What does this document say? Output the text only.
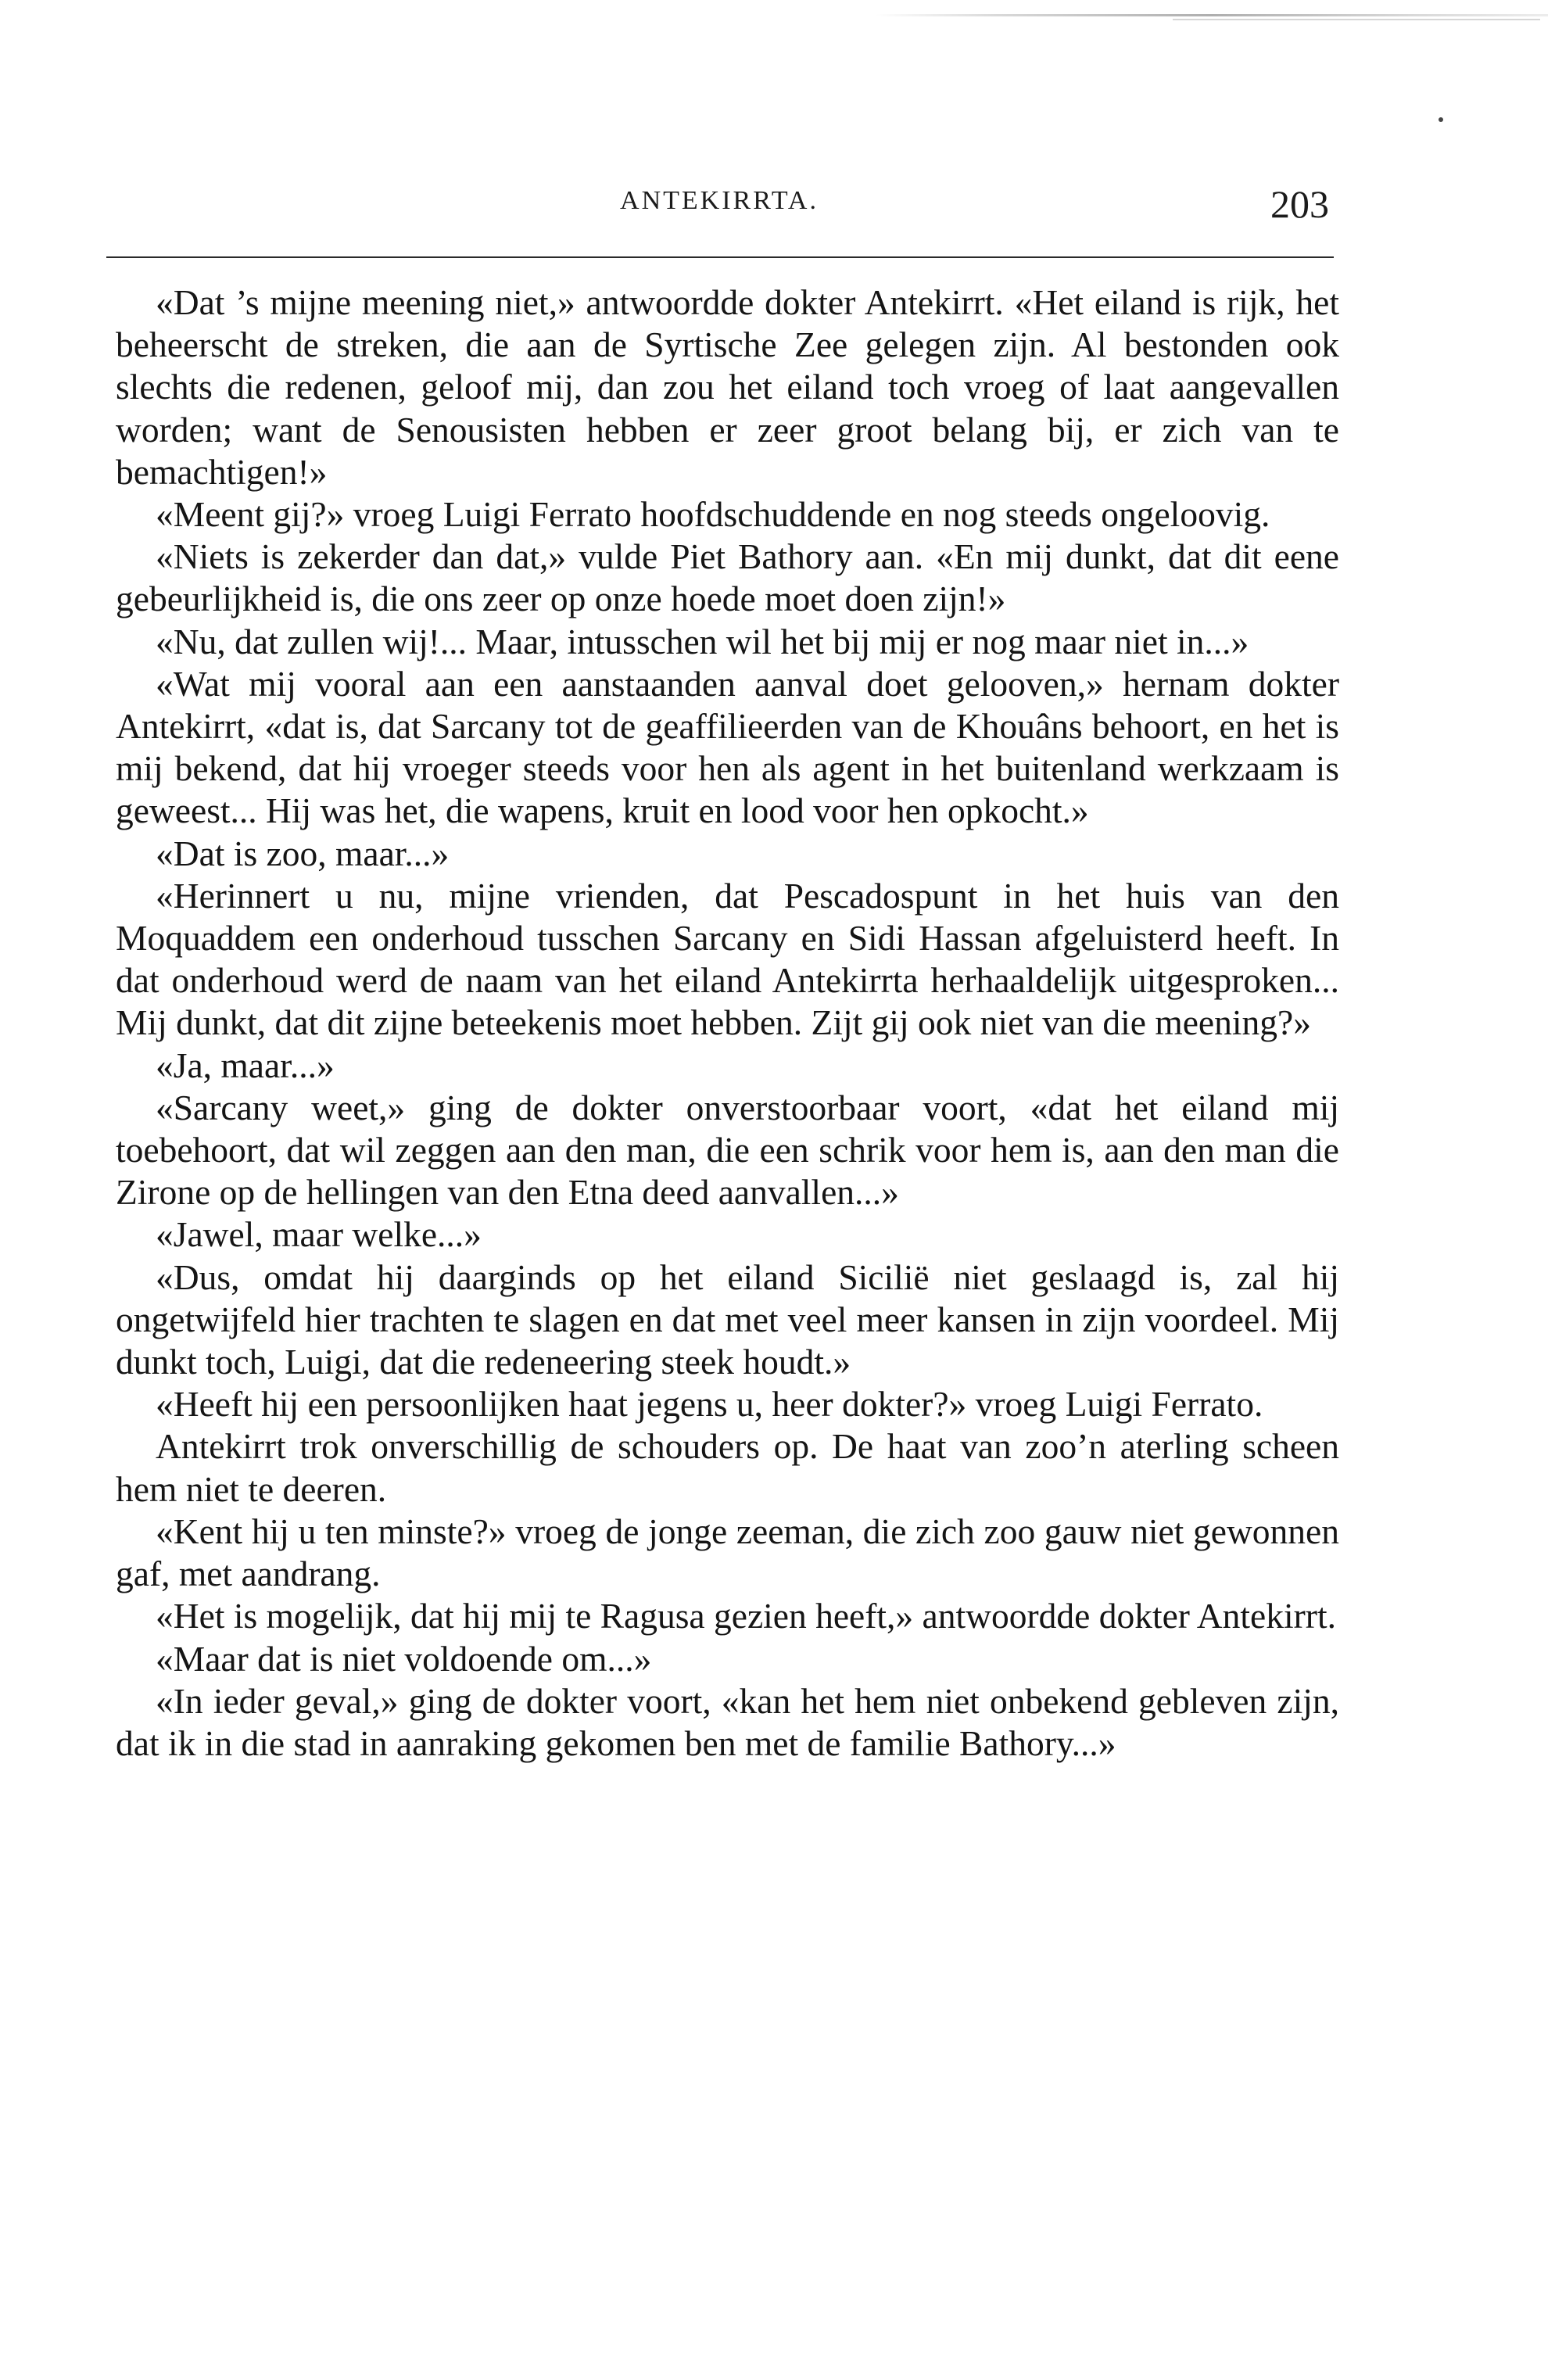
ANTEKIRRTA.	203

«Dat ’s mijne meening niet,» antwoordde dokter Antekirrt. «Het eiland is rijk, het beheerscht de streken, die aan de Syrtische Zee gelegen zijn. Al bestonden ook slechts die redenen, geloof mij, dan zou het eiland toch vroeg of laat aangevallen worden; want de Senousisten hebben er zeer groot belang bij, er zich van te bemachtigen!»

«Meent gij?» vroeg Luigi Ferrato hoofdschuddende en nog steeds ongeloovig.

«Niets is zekerder dan dat,» vulde Piet Bathory aan. «En mij dunkt, dat dit eene gebeurlijkheid is, die ons zeer op onze hoede moet doen zijn!»

«Nu, dat zullen wij!... Maar, intusschen wil het bij mij er nog maar niet in...»

«Wat mij vooral aan een aanstaanden aanval doet gelooven,» hernam dokter Antekirrt, «dat is, dat Sarcany tot de geaffilieerden van de Khouâns behoort, en het is mij bekend, dat hij vroeger steeds voor hen als agent in het buitenland werkzaam is geweest... Hij was het, die wapens, kruit en lood voor hen opkocht.»

«Dat is zoo, maar...»

«Herinnert u nu, mijne vrienden, dat Pescadospunt in het huis van den Moquaddem een onderhoud tusschen Sarcany en Sidi Hassan afgeluisterd heeft. In dat onderhoud werd de naam van het eiland Antekirrta herhaaldelijk uitgesproken... Mij dunkt, dat dit zijne beteekenis moet hebben. Zijt gij ook niet van die meening?»

«Ja, maar...»

«Sarcany weet,» ging de dokter onverstoorbaar voort, «dat het eiland mij toebehoort, dat wil zeggen aan den man, die een schrik voor hem is, aan den man die Zirone op de hellingen van den Etna deed aanvallen...»

«Jawel, maar welke...»

«Dus, omdat hij daarginds op het eiland Sicilië niet geslaagd is, zal hij ongetwijfeld hier trachten te slagen en dat met veel meer kansen in zijn voordeel. Mij dunkt toch, Luigi, dat die redeneering steek houdt.»

«Heeft hij een persoonlijken haat jegens u, heer dokter?» vroeg Luigi Ferrato.

Antekirrt trok onverschillig de schouders op. De haat van zoo’n aterling scheen hem niet te deeren.

«Kent hij u ten minste?» vroeg de jonge zeeman, die zich zoo gauw niet gewonnen gaf, met aandrang.

«Het is mogelijk, dat hij mij te Ragusa gezien heeft,» antwoordde dokter Antekirrt.

«Maar dat is niet voldoende om...»

«In ieder geval,» ging de dokter voort, «kan het hem niet onbekend gebleven zijn, dat ik in die stad in aanraking gekomen ben met de familie Bathory...»
